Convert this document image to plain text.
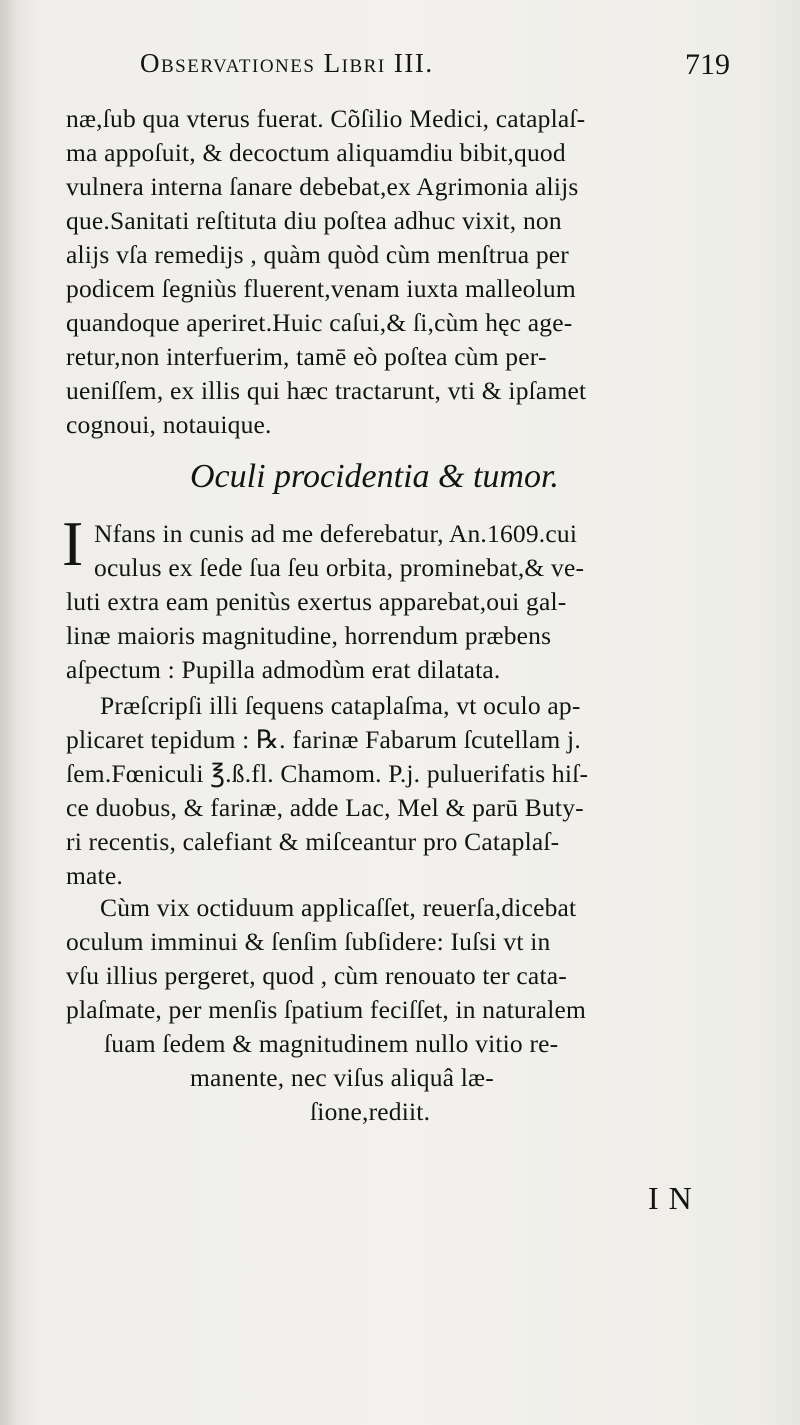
Observationes Libri III.	719
næ,ſub qua vterus fuerat. Cõſilio Medici, cataplaſ-
ma appoſuit, & decoctum aliquamdiu bibit,quod
vulnera interna ſanare debebat,ex Agrimonia alijs
que.Sanitati reſtituta diu poſtea adhuc vixit, non
alijs vſa remedijs , quàm quòd cùm menſtrua per
podicem ſegniùs fluerent,venam iuxta malleolum
quandoque aperiret.Huic caſui,& ſi,cùm hęc age-
retur,non interfuerim, tamē eò poſtea cùm per-
ueniſſem, ex illis qui hæc tractarunt, vti & ipſamet
cognoui, notauique.
Oculi procidentia & tumor.
I Nfans in cunis ad me deferebatur, An.1609.cui
oculus ex ſede ſua ſeu orbita, prominebat,& ve-
luti extra eam penitùs exertus apparebat,oui gal-
linæ maioris magnitudine, horrendum præbens
aſpectum : Pupilla admodùm erat dilatata.
Præſcripſi illi ſequens cataplaſma, vt oculo ap-
plicaret tepidum : ℞. farinæ Fabarum ſcutellam j.
ſem.Fœniculi ℥.ß.fl. Chamom. P.j. puluerifatis hiſ-
ce duobus, & farinæ, adde Lac, Mel & parū Buty-
ri recentis, calefiant & miſceantur pro Cataplaſ-
mate.
Cùm vix octiduum applicaſſet, reuerſa,dicebat
oculum imminui & ſenſim ſubſidere: Iuſsi vt in
vſu illius pergeret, quod , cùm renouato ter cata-
plaſmate, per menſis ſpatium feciſſet, in naturalem
ſuam ſedem & magnitudinem nullo vitio re-
manente, nec viſus aliquâ læ-
ſione,rediit.
IN
